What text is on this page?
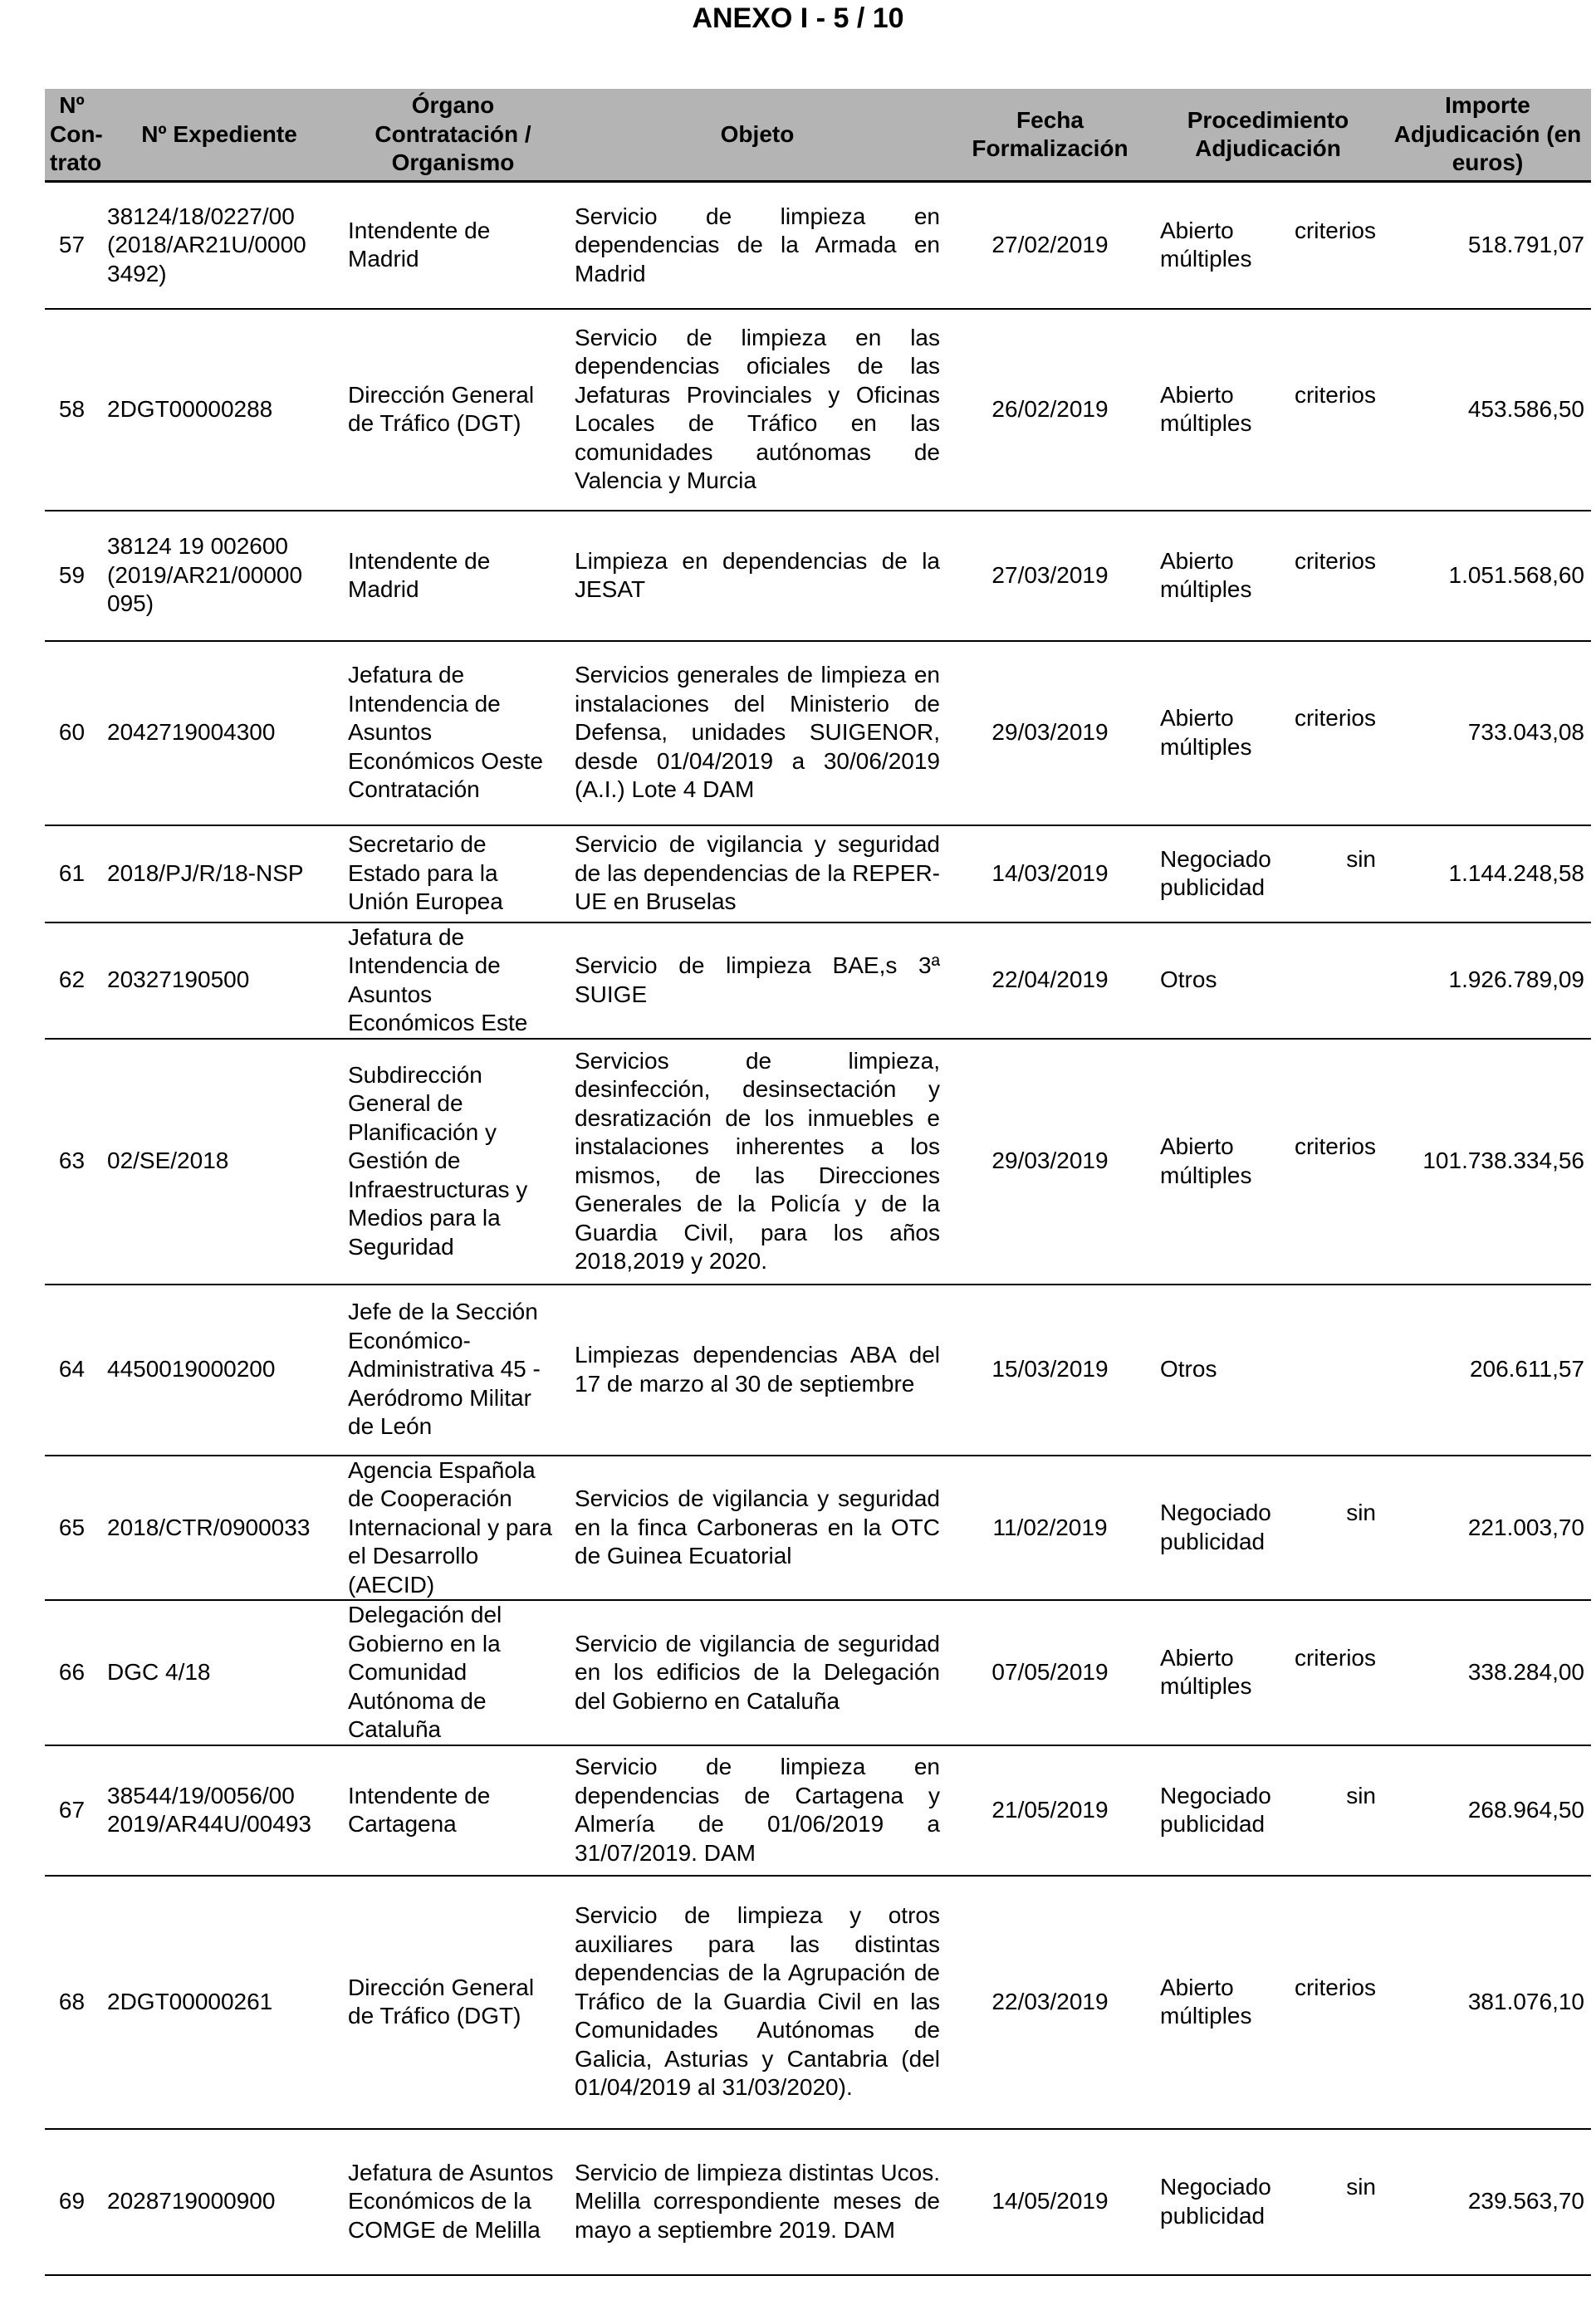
ANEXO I - 5 / 10
Nº Con-trato	Nº Expediente	Órgano Contratación / Organismo	Objeto	Fecha Formalización	Procedimiento Adjudicación	Importe Adjudicación (en euros)
57	38124/18/0227/00 (2018/AR21U/0000 3492)	Intendente de Madrid	Servicio de limpieza en dependencias de la Armada en Madrid	27/02/2019	Abierto criterios múltiples	518.791,07
58	2DGT00000288	Dirección General de Tráfico (DGT)	Servicio de limpieza en las dependencias oficiales de las Jefaturas Provinciales y Oficinas Locales de Tráfico en las comunidades autónomas de Valencia y Murcia	26/02/2019	Abierto criterios múltiples	453.586,50
59	38124 19 002600 (2019/AR21/00000 095)	Intendente de Madrid	Limpieza en dependencias de la JESAT	27/03/2019	Abierto criterios múltiples	1.051.568,60
60	2042719004300	Jefatura de Intendencia de Asuntos Económicos Oeste Contratación	Servicios generales de limpieza en instalaciones del Ministerio de Defensa, unidades SUIGENOR, desde 01/04/2019 a 30/06/2019 (A.I.) Lote 4 DAM	29/03/2019	Abierto criterios múltiples	733.043,08
61	2018/PJ/R/18-NSP	Secretario de Estado para la Unión Europea	Servicio de vigilancia y seguridad de las dependencias de la REPER-UE en Bruselas	14/03/2019	Negociado sin publicidad	1.144.248,58
62	20327190500	Jefatura de Intendencia de Asuntos Económicos Este	Servicio de limpieza BAE,s 3ª SUIGE	22/04/2019	Otros	1.926.789,09
63	02/SE/2018	Subdirección General de Planificación y Gestión de Infraestructuras y Medios para la Seguridad	Servicios de limpieza, desinfección, desinsectación y desratización de los inmuebles e instalaciones inherentes a los mismos, de las Direcciones Generales de la Policía y de la Guardia Civil, para los años 2018,2019 y 2020.	29/03/2019	Abierto criterios múltiples	101.738.334,56
64	4450019000200	Jefe de la Sección Económico-Administrativa 45 - Aeródromo Militar de León	Limpiezas dependencias ABA del 17 de marzo al 30 de septiembre	15/03/2019	Otros	206.611,57
65	2018/CTR/0900033	Agencia Española de Cooperación Internacional y para el Desarrollo (AECID)	Servicios de vigilancia y seguridad en la finca Carboneras en la OTC de Guinea Ecuatorial	11/02/2019	Negociado sin publicidad	221.003,70
66	DGC 4/18	Delegación del Gobierno en la Comunidad Autónoma de Cataluña	Servicio de vigilancia de seguridad en los edificios de la Delegación del Gobierno en Cataluña	07/05/2019	Abierto criterios múltiples	338.284,00
67	38544/19/0056/00 2019/AR44U/00493	Intendente de Cartagena	Servicio de limpieza en dependencias de Cartagena y Almería de 01/06/2019 a 31/07/2019. DAM	21/05/2019	Negociado sin publicidad	268.964,50
68	2DGT00000261	Dirección General de Tráfico (DGT)	Servicio de limpieza y otros auxiliares para las distintas dependencias de la Agrupación de Tráfico de la Guardia Civil en las Comunidades Autónomas de Galicia, Asturias y Cantabria (del 01/04/2019 al 31/03/2020).	22/03/2019	Abierto criterios múltiples	381.076,10
69	2028719000900	Jefatura de Asuntos Económicos de la COMGE de Melilla	Servicio de limpieza distintas Ucos. Melilla correspondiente meses de mayo a septiembre 2019. DAM	14/05/2019	Negociado sin publicidad	239.563,70
